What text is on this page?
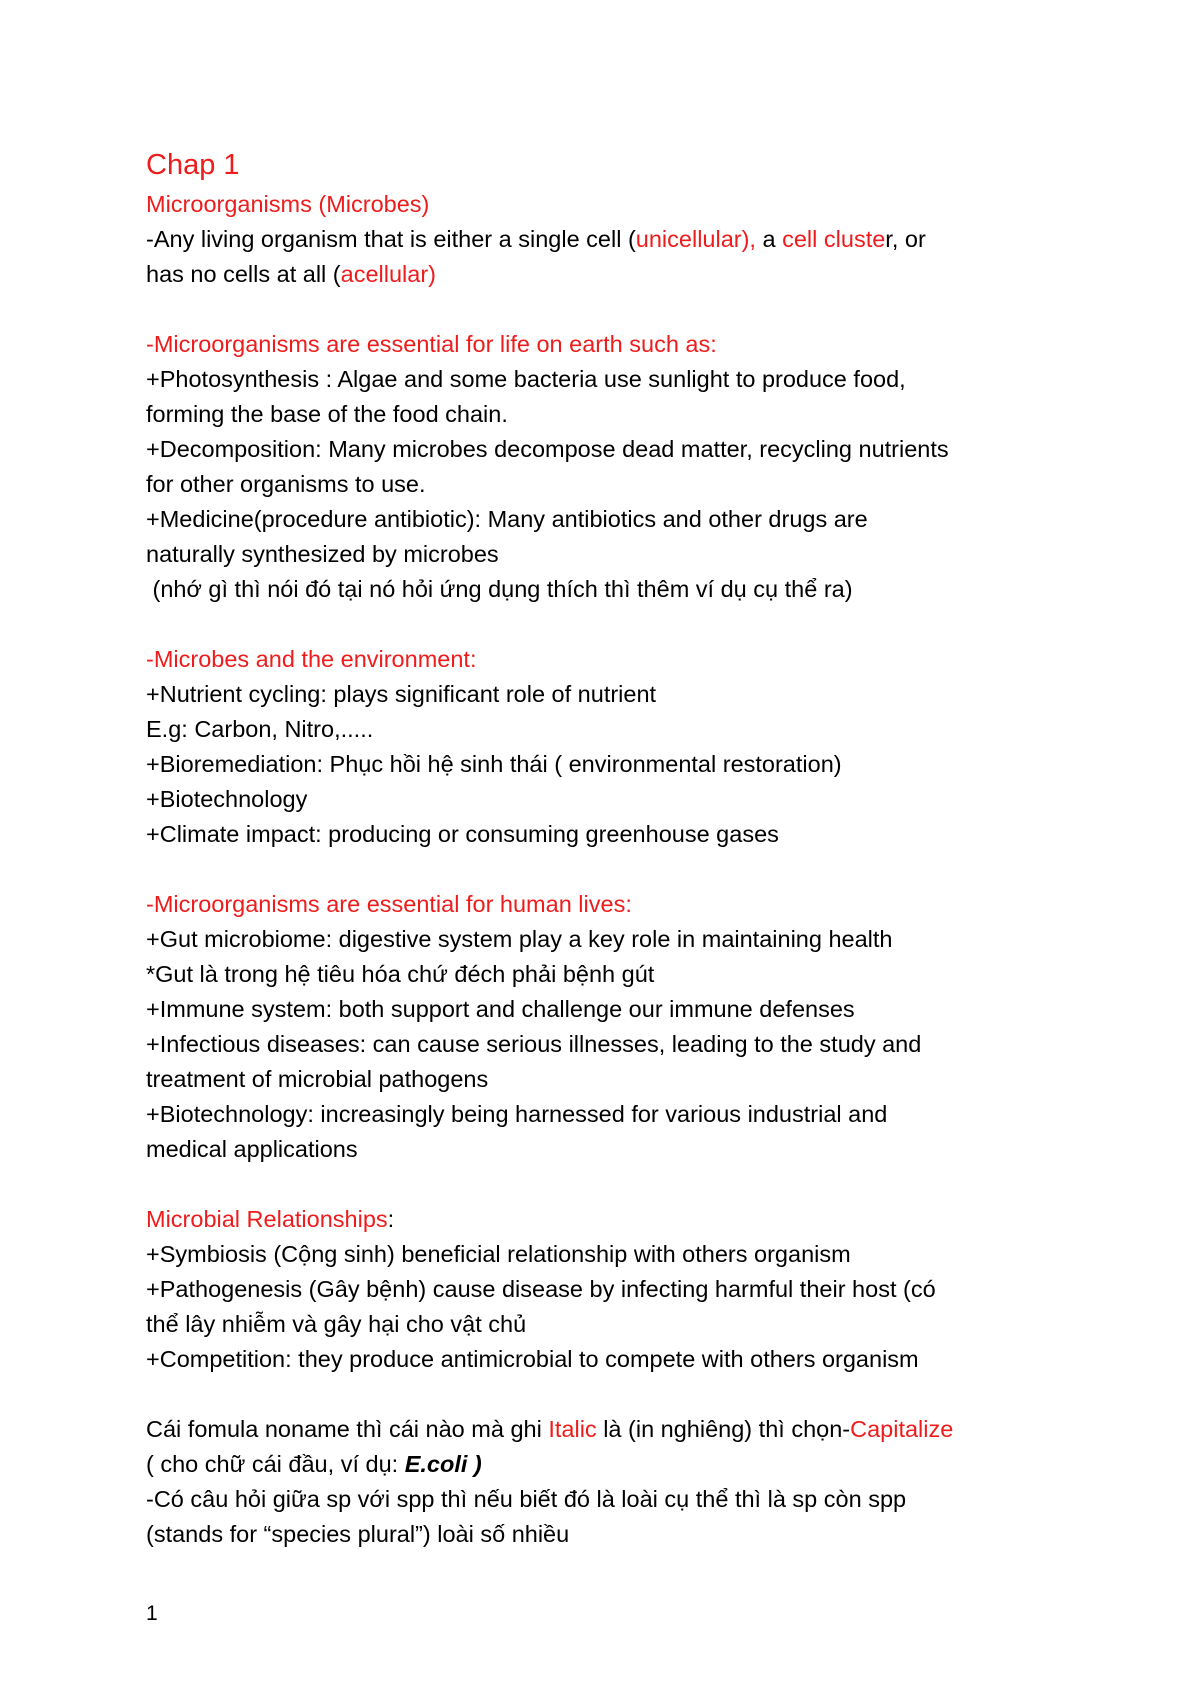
Chap 1
Microorganisms (Microbes)
-Any living organism that is either a single cell (unicellular), a cell cluster, or
has no cells at all (acellular)
-Microorganisms are essential for life on earth such as:
+Photosynthesis : Algae and some bacteria use sunlight to produce food,
forming the base of the food chain.
+Decomposition: Many microbes decompose dead matter, recycling nutrients
for other organisms to use.
+Medicine(procedure antibiotic): Many antibiotics and other drugs are
naturally synthesized by microbes
(nhớ gì thì nói đó tại nó hỏi ứng dụng thích thì thêm ví dụ cụ thể ra)
-Microbes and the environment:
+Nutrient cycling: plays significant role of nutrient
E.g: Carbon, Nitro,.....
+Bioremediation: Phục hồi hệ sinh thái ( environmental restoration)
+Biotechnology
+Climate impact: producing or consuming greenhouse gases
-Microorganisms are essential for human lives:
+Gut microbiome: digestive system play a key role in maintaining health
*Gut là trong hệ tiêu hóa chứ đéch phải bệnh gút
+Immune system: both support and challenge our immune defenses
+Infectious diseases: can cause serious illnesses, leading to the study and
treatment of microbial pathogens
+Biotechnology: increasingly being harnessed for various industrial and
medical applications
Microbial Relationships:
+Symbiosis (Cộng sinh) beneficial relationship with others organism
+Pathogenesis (Gây bệnh) cause disease by infecting harmful their host (có
thể lây nhiễm và gây hại cho vật chủ
+Competition: they produce antimicrobial to compete with others organism
Cái fomula noname thì cái nào mà ghi Italic là (in nghiêng) thì chọn-Capitalize
( cho chữ cái đầu, ví dụ: E.coli )
-Có câu hỏi giữa sp với spp thì nếu biết đó là loài cụ thể thì là sp còn spp
(stands for “species plural”) loài số nhiều
1
